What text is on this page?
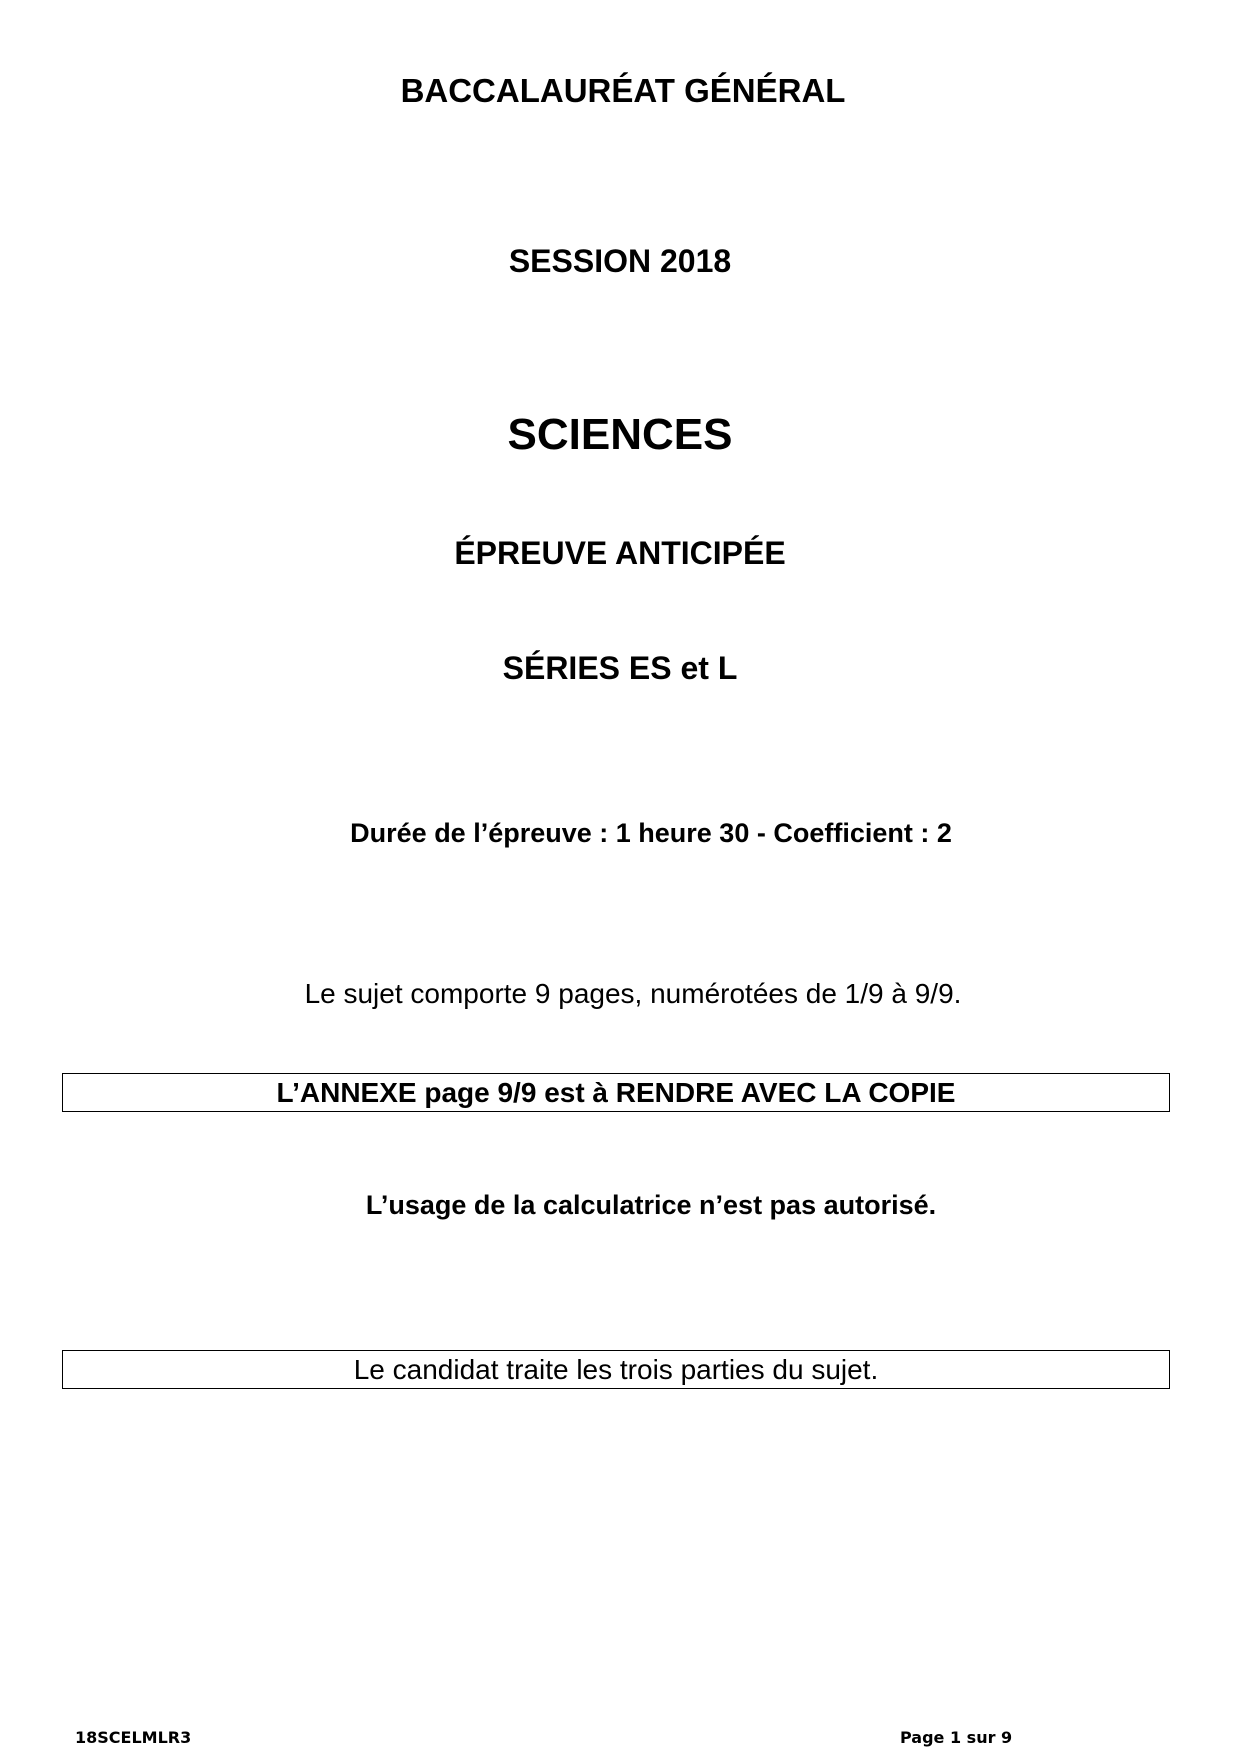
BACCALAURÉAT GÉNÉRAL
SESSION 2018
SCIENCES
ÉPREUVE ANTICIPÉE
SÉRIES ES et L
Durée de l’épreuve : 1 heure 30 - Coefficient : 2
Le sujet comporte 9 pages, numérotées de 1/9 à 9/9.
L’ANNEXE page 9/9 est à RENDRE AVEC LA COPIE
L’usage de la calculatrice n’est pas autorisé.
Le candidat traite les trois parties du sujet.
18SCELMLR3	Page 1 sur 9
